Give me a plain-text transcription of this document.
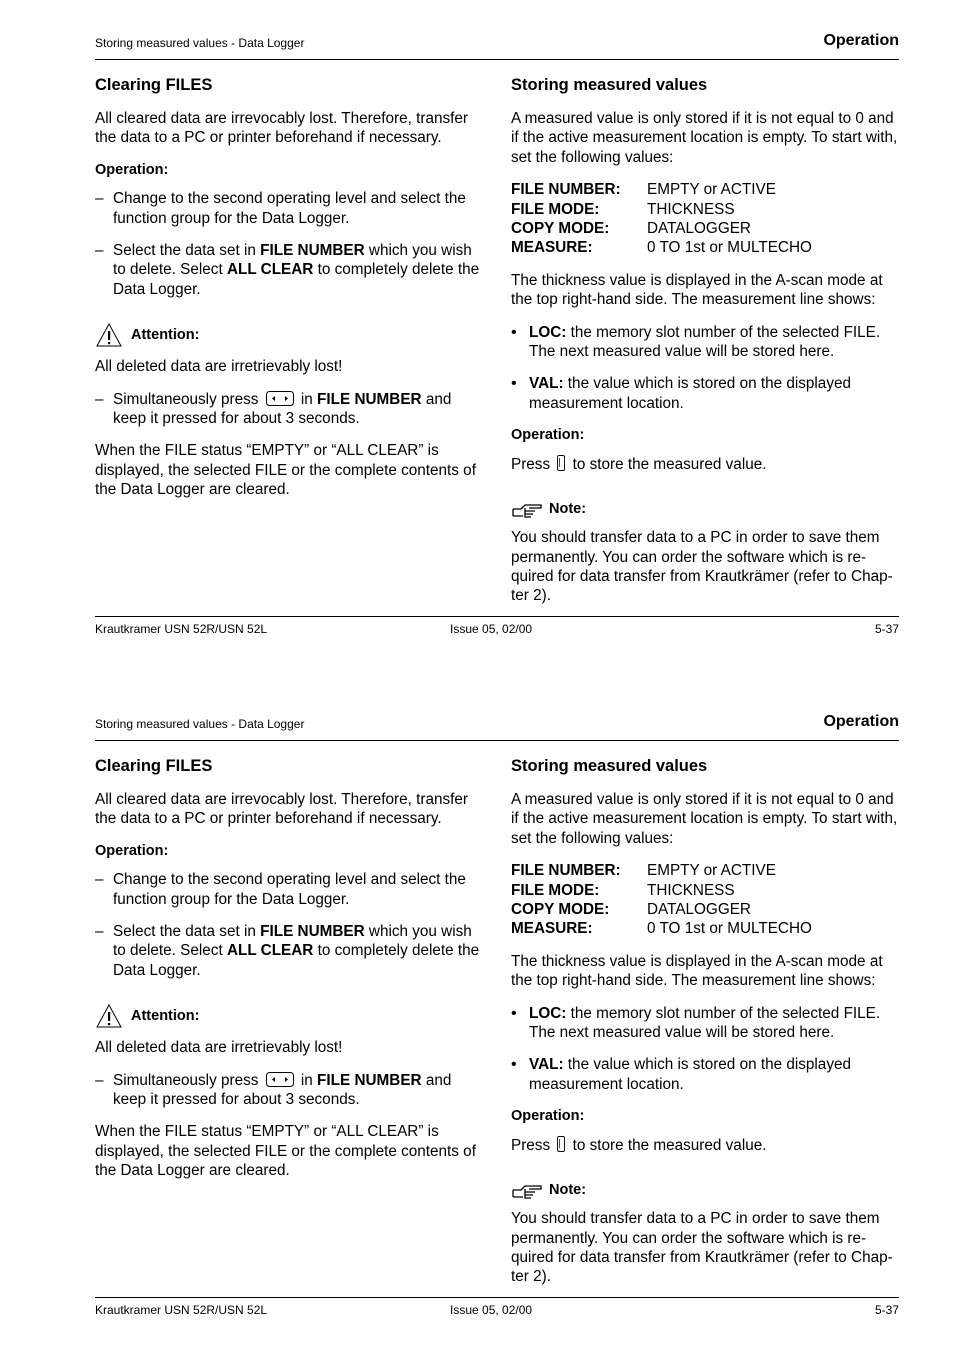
Storing measured values - Data Logger	Operation
Clearing FILES

All cleared data are irrevocably lost. Therefore, transfer the data to a PC or printer beforehand if necessary.

Operation:
– Change to the second operating level and select the function group for the Data Logger.
– Select the data set in FILE NUMBER which you wish to delete. Select ALL CLEAR to completely delete the Data Logger.
Attention:

All deleted data are irretrievably lost!

– Simultaneously press  in FILE NUMBER and keep it pressed for about 3 seconds.

When the FILE status “EMPTY” or “ALL CLEAR” is displayed, the selected FILE or the complete contents of the Data Logger are cleared.

Storing measured values

A measured value is only stored if it is not equal to 0 and if the active measurement location is empty. To start with, set the following values:

FILE NUMBER:	EMPTY or ACTIVE
FILE MODE:	THICKNESS
COPY MODE:	DATALOGGER
MEASURE:	0 TO 1st or MULTECHO

The thickness value is displayed in the A-scan mode at the top right-hand side. The measurement line shows:

• LOC: the memory slot number of the selected FILE. The next measured value will be stored here.
• VAL: the value which is stored on the displayed measurement location.
Operation:

Press  to store the measured value.

Note:

You should transfer data to a PC in order to save them permanently. You can order the software which is re-quired for data transfer from Krautkrämer (refer to Chap-ter 2).

Krautkramer USN 52R/USN 52L	Issue 05, 02/00	5-37
Storing measured values - Data Logger	Operation
Clearing FILES

All cleared data are irrevocably lost. Therefore, transfer the data to a PC or printer beforehand if necessary.

Operation:
– Change to the second operating level and select the function group for the Data Logger.
– Select the data set in FILE NUMBER which you wish to delete. Select ALL CLEAR to completely delete the Data Logger.
Attention:

All deleted data are irretrievably lost!

– Simultaneously press  in FILE NUMBER and keep it pressed for about 3 seconds.

When the FILE status “EMPTY” or “ALL CLEAR” is displayed, the selected FILE or the complete contents of the Data Logger are cleared.

Storing measured values

A measured value is only stored if it is not equal to 0 and if the active measurement location is empty. To start with, set the following values:

FILE NUMBER:	EMPTY or ACTIVE
FILE MODE:	THICKNESS
COPY MODE:	DATALOGGER
MEASURE:	0 TO 1st or MULTECHO

The thickness value is displayed in the A-scan mode at the top right-hand side. The measurement line shows:

• LOC: the memory slot number of the selected FILE. The next measured value will be stored here.
• VAL: the value which is stored on the displayed measurement location.
Operation:

Press  to store the measured value.

Note:

You should transfer data to a PC in order to save them permanently. You can order the software which is re-quired for data transfer from Krautkrämer (refer to Chap-ter 2).

Krautkramer USN 52R/USN 52L	Issue 05, 02/00	5-37
